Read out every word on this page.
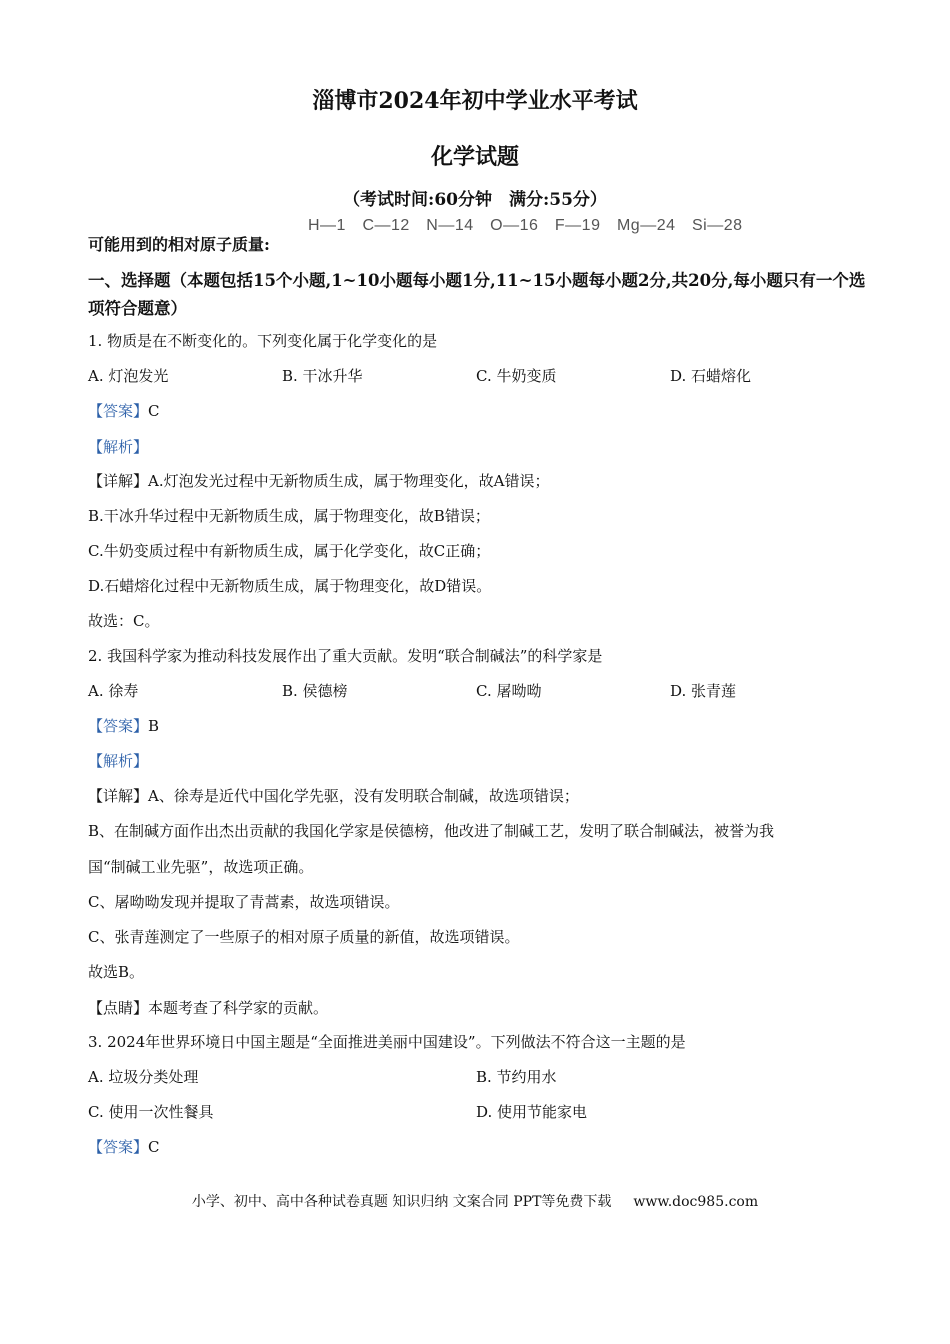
淄博市2024年初中学业水平考试
化学试题
（考试时间:60分钟　满分:55分）
H—1　C—12　N—14　O—16　F—19　Mg—24　Si—28
可能用到的相对原子质量:
一、选择题（本题包括15个小题,1~10小题每小题1分,11~15小题每小题2分,共20分,每小题只有一个选项符合题意）
1. 物质是在不断变化的。下列变化属于化学变化的是
A. 灯泡发光	B. 干冰升华	C. 牛奶变质	D. 石蜡熔化
【答案】C
【解析】
【详解】A.灯泡发光过程中无新物质生成，属于物理变化，故A错误；
B.干冰升华过程中无新物质生成，属于物理变化，故B错误；
C.牛奶变质过程中有新物质生成，属于化学变化，故C正确；
D.石蜡熔化过程中无新物质生成，属于物理变化，故D错误。
故选：C。
2. 我国科学家为推动科技发展作出了重大贡献。发明“联合制碱法”的科学家是
A. 徐寿	B. 侯德榜	C. 屠呦呦	D. 张青莲
【答案】B
【解析】
【详解】A、徐寿是近代中国化学先驱，没有发明联合制碱，故选项错误；
B、在制碱方面作出杰出贡献的我国化学家是侯德榜，他改进了制碱工艺，发明了联合制碱法，被誉为我
国“制碱工业先驱”，故选项正确。
C、屠呦呦发现并提取了青蒿素，故选项错误。
C、张青莲测定了一些原子的相对原子质量的新值，故选项错误。
故选B。
【点睛】本题考查了科学家的贡献。
3. 2024年世界环境日中国主题是“全面推进美丽中国建设”。下列做法不符合这一主题的是
A. 垃圾分类处理	B. 节约用水
C. 使用一次性餐具	D. 使用节能家电
【答案】C
小学、初中、高中各种试卷真题 知识归纳 文案合同 PPT等免费下载 www.doc985.com
